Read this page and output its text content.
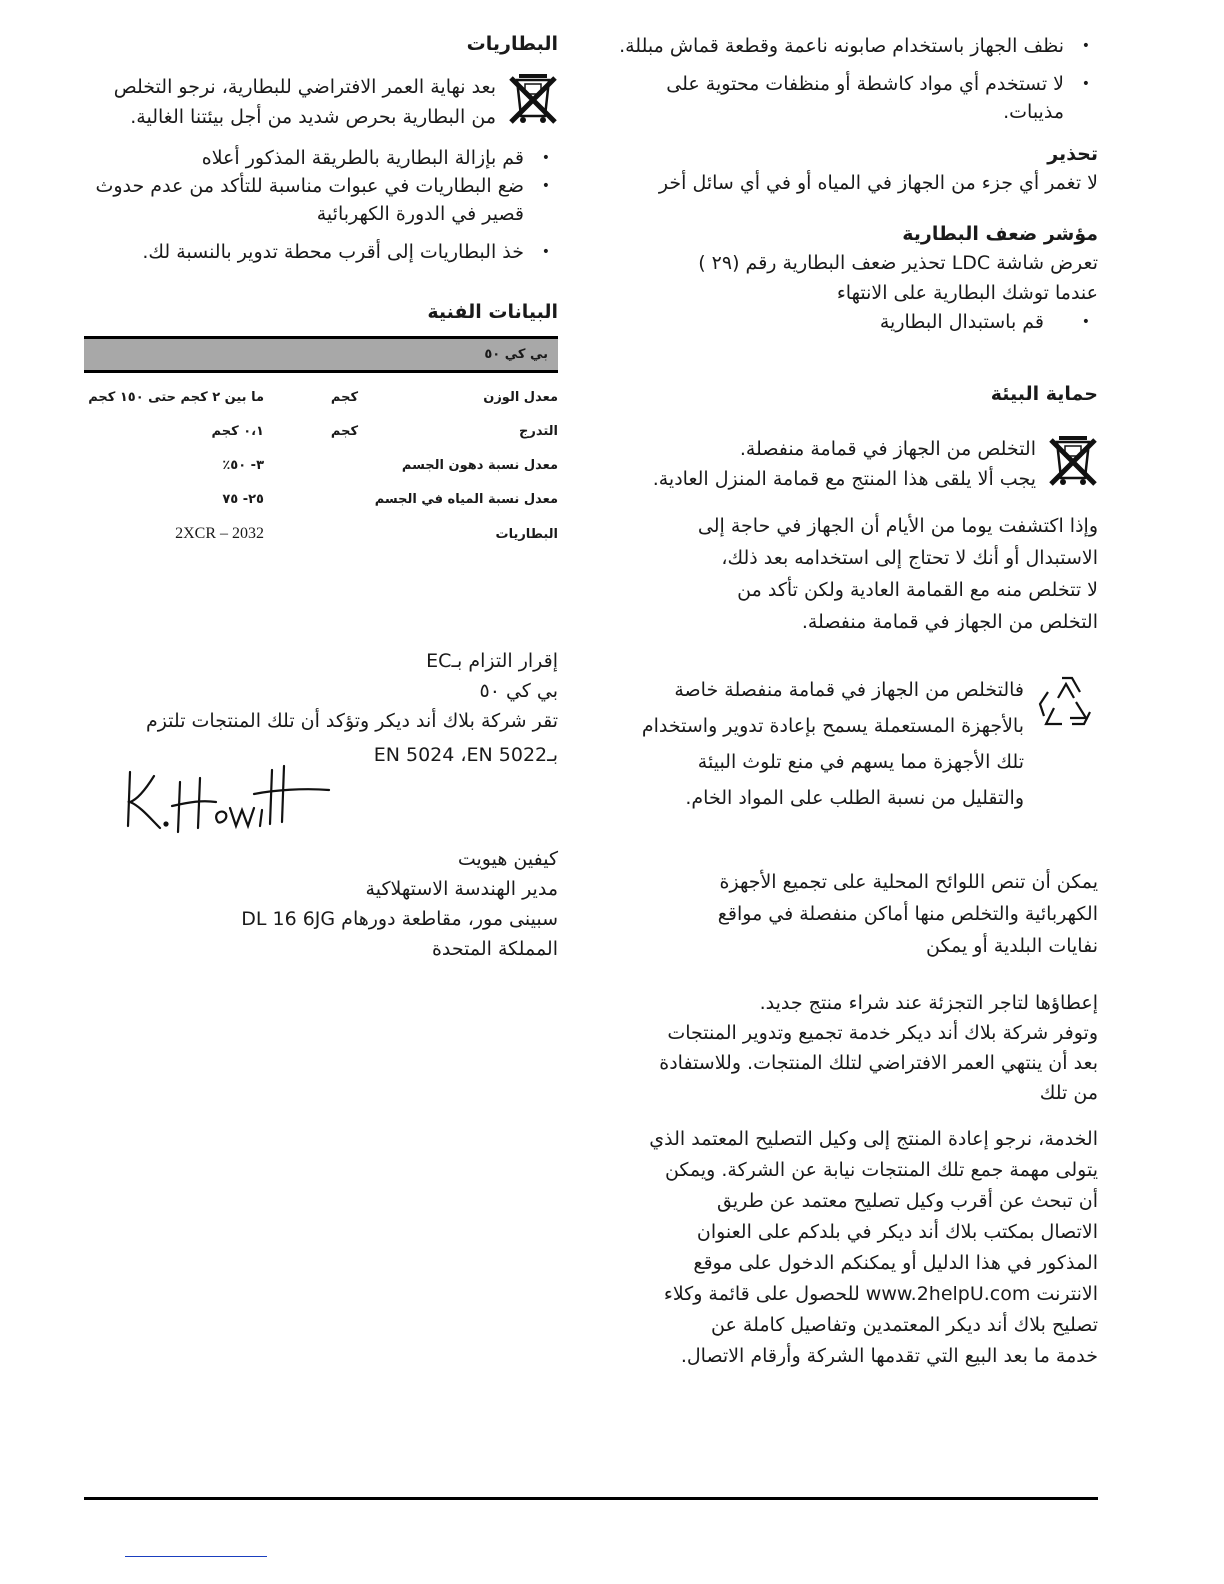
• نظف الجهاز باستخدام صابونه ناعمة وقطعة قماش مبللة.
• لا تستخدم أي مواد كاشطة أو منظفات محتوية على مذيبات.

تحذير

لا تغمر أي جزء من الجهاز في المياه أو في أي سائل أخر

مؤشر ضعف البطارية

تعرض شاشة LDC تحذير ضعف البطارية رقم (٢٩ )

عندما توشك البطارية على الانتهاء

• قم باستبدال البطارية

حماية البيئة

التخلص من الجهاز في قمامة منفصلة.

يجب ألا يلقى هذا المنتج مع قمامة المنزل العادية.

وإذا اكتشفت يوما من الأيام أن الجهاز في حاجة إلى

الاستبدال أو أنك لا تحتاج إلى استخدامه بعد ذلك،

لا تتخلص منه مع القمامة العادية ولكن تأكد من

التخلص من الجهاز في قمامة منفصلة.

فالتخلص من الجهاز في قمامة منفصلة خاصة

بالأجهزة المستعملة يسمح بإعادة تدوير واستخدام

تلك الأجهزة مما يسهم في منع تلوث البيئة

والتقليل من نسبة الطلب على المواد الخام.

يمكن أن تنص اللوائح المحلية على تجميع الأجهزة

الكهربائية والتخلص منها أماكن منفصلة في مواقع

نفايات البلدية أو يمكن

إعطاؤها لتاجر التجزئة عند شراء منتج جديد.

وتوفر شركة بلاك أند ديكر خدمة تجميع وتدوير المنتجات

بعد أن ينتهي العمر الافتراضي لتلك المنتجات. وللاستفادة

من تلك

الخدمة، نرجو إعادة المنتج إلى وكيل التصليح المعتمد الذي

يتولى مهمة جمع تلك المنتجات نيابة عن الشركة. ويمكن

أن تبحث عن أقرب وكيل تصليح معتمد عن طريق

الاتصال بمكتب بلاك أند ديكر في بلدكم على العنوان

المذكور في هذا الدليل أو يمكنكم الدخول على موقع

الانترنت www.2helpU.com للحصول على قائمة وكلاء

تصليح بلاك أند ديكر المعتمدين وتفاصيل كاملة عن

خدمة ما بعد البيع التي تقدمها الشركة وأرقام الاتصال.

البطاريات

بعد نهاية العمر الافتراضي للبطارية، نرجو التخلص

من البطارية بحرص شديد من أجل بيئتنا الغالية.

• قم بإزالة البطارية بالطريقة المذكور أعلاه
• ضع البطاريات في عبوات مناسبة للتأكد من عدم حدوث قصير في الدورة الكهربائية
• خذ البطاريات إلى أقرب محطة تدوير بالنسبة لك.

البيانات الفنية

بي كي ٥٠		
معدل الوزن	كجم	ما بين ٢ كجم حتى ١٥٠ كجم
التدرج	كجم	٠،١ كجم
معدل نسبة دهون الجسم		٣- ٥٠٪
معدل نسبة المياه في الجسم		٢٥- ٧٥
البطاريات		2XCR – 2032

إقرار التزام بـEC

بي كي ٥٠

تقر شركة بلاك أند ديكر وتؤكد أن تلك المنتجات تلتزم

بـEN 5024 ،EN 5022

كيفين هيويت

مدير الهندسة الاستهلاكية

سبينى مور، مقاطعة دورهام DL 16 6JG

المملكة المتحدة
